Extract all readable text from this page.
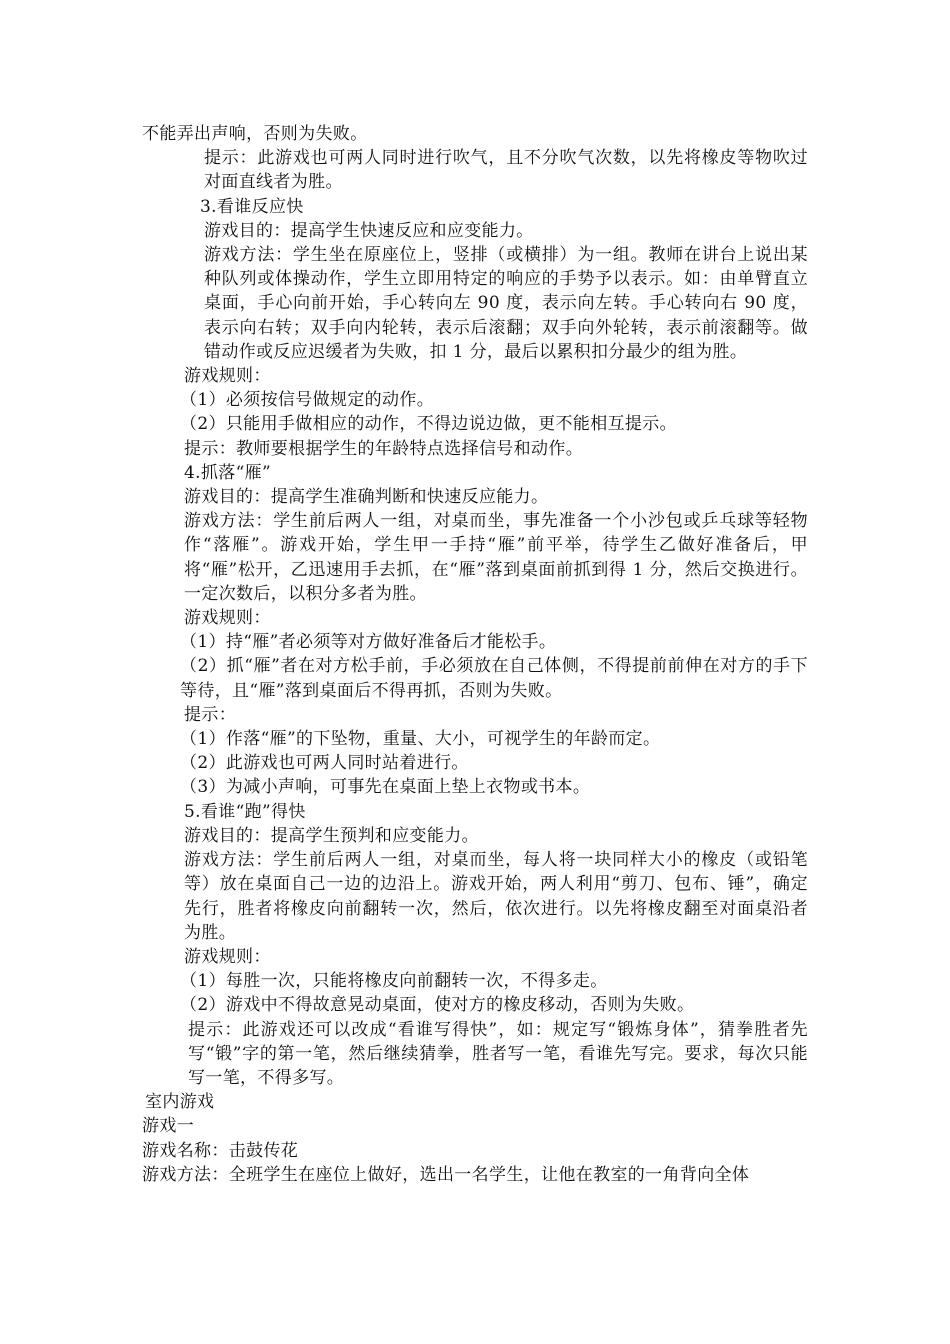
不能弄出声响，否则为失败。

提示：此游戏也可两人同时进行吹气，且不分吹气次数，以先将橡皮等物吹过对面直线者为胜。

3.看谁反应快

游戏目的：提高学生快速反应和应变能力。

游戏方法：学生坐在原座位上，竖排（或横排）为一组。教师在讲台上说出某种队列或体操动作，学生立即用特定的响应的手势予以表示。如：由单臂直立桌面，手心向前开始，手心转向左 90 度，表示向左转。手心转向右 90 度，表示向右转；双手向内轮转，表示后滚翻；双手向外轮转，表示前滚翻等。做错动作或反应迟缓者为失败，扣 1 分，最后以累积扣分最少的组为胜。

游戏规则：

（1）必须按信号做规定的动作。

（2）只能用手做相应的动作，不得边说边做，更不能相互提示。

提示：教师要根据学生的年龄特点选择信号和动作。

4.抓落“雁”

游戏目的：提高学生准确判断和快速反应能力。

游戏方法：学生前后两人一组，对桌而坐，事先准备一个小沙包或乒乓球等轻物作“落雁”。游戏开始，学生甲一手持“雁”前平举，待学生乙做好准备后，甲将“雁”松开，乙迅速用手去抓，在“雁”落到桌面前抓到得 1 分，然后交换进行。一定次数后，以积分多者为胜。

游戏规则：

（1）持“雁”者必须等对方做好准备后才能松手。

（2）抓“雁”者在对方松手前，手必须放在自己体侧，不得提前前伸在对方的手下等待，且“雁”落到桌面后不得再抓，否则为失败。

提示：

（1）作落“雁”的下坠物，重量、大小，可视学生的年龄而定。

（2）此游戏也可两人同时站着进行。

（3）为减小声响，可事先在桌面上垫上衣物或书本。

5.看谁“跑”得快

游戏目的：提高学生预判和应变能力。

游戏方法：学生前后两人一组，对桌而坐，每人将一块同样大小的橡皮（或铅笔等）放在桌面自己一边的边沿上。游戏开始，两人利用“剪刀、包布、锤”，确定先行，胜者将橡皮向前翻转一次，然后，依次进行。以先将橡皮翻至对面桌沿者为胜。

游戏规则：

（1）每胜一次，只能将橡皮向前翻转一次，不得多走。

（2）游戏中不得故意晃动桌面，使对方的橡皮移动，否则为失败。

提示：此游戏还可以改成“看谁写得快”，如：规定写“锻炼身体”，猜拳胜者先写“锻”字的第一笔，然后继续猜拳，胜者写一笔，看谁先写完。要求，每次只能写一笔，不得多写。

室内游戏

游戏一

游戏名称：击鼓传花

游戏方法：全班学生在座位上做好，选出一名学生，让他在教室的一角背向全体
